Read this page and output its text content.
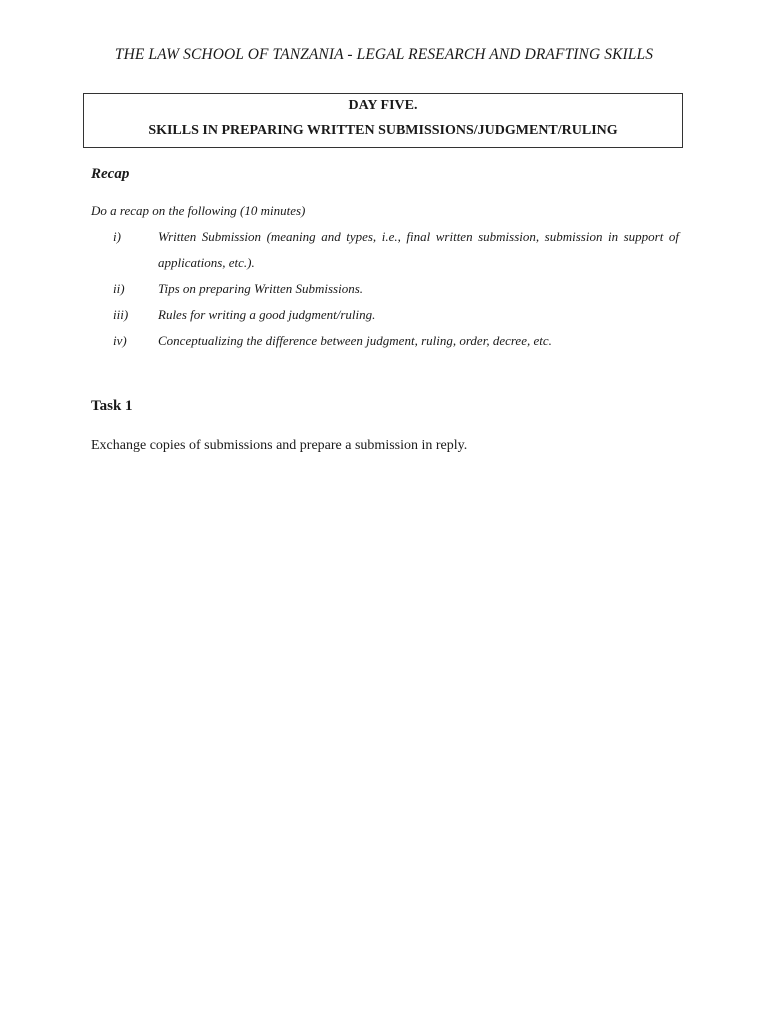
THE LAW SCHOOL OF TANZANIA - LEGAL RESEARCH AND DRAFTING SKILLS
DAY FIVE.
SKILLS IN PREPARING WRITTEN SUBMISSIONS/JUDGMENT/RULING
Recap
Do a recap on the following (10 minutes)
i)	Written Submission (meaning and types, i.e., final written submission, submission in support of applications, etc.).
ii)	Tips on preparing Written Submissions.
iii) Rules for writing a good judgment/ruling.
iv) Conceptualizing the difference between judgment, ruling, order, decree, etc.
Task 1
Exchange copies of submissions and prepare a submission in reply.
